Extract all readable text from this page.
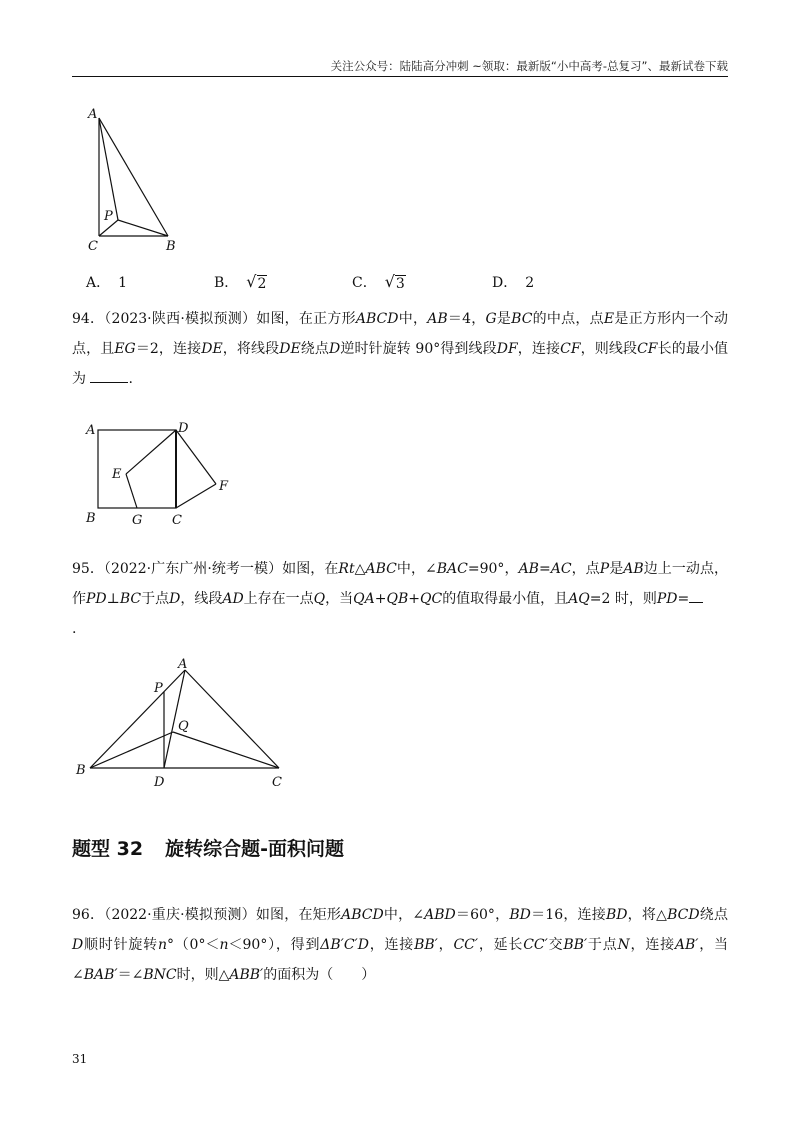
关注公众号：陆陆高分冲刺 ~领取：最新版“小中高考-总复习”、最新试卷下载
A
P
C	B
A． 1	B． √ 2	C． √ 3	D． 2
94．（2023·陕西·模拟预测）如图，在正方形ABCD中，AB＝4，G是BC的中点，点E是正方形内一个动点，且EG＝2，连接DE，将线段DE绕点D逆时针旋转 90°得到线段DF，连接CF，则线段CF长的最小值为	.
A	D
E
F
B	G C
95．（2022·广东广州·统考一模）如图，在Rt△ABC中，∠BAC=90°，AB=AC，点P是AB边上一动点，作PD⊥BC于点D，线段AD上存在一点Q，当QA+QB+QC的值取得最小值，且AQ=2 时，则PD=
.
A
P
Q
B
D	C
题型 32 旋转综合题-面积问题
96．（2022·重庆·模拟预测）如图，在矩形ABCD中，∠ABD＝60°，BD＝16，连接BD，将△BCD绕点D顺时针旋转n°（0°＜n＜90°），得到ΔB′C′D，连接BB′，CC′，延长CC′交BB′于点N，连接AB′，当∠BAB′＝∠BNC时，则△ABB′的面积为（　　）
31
